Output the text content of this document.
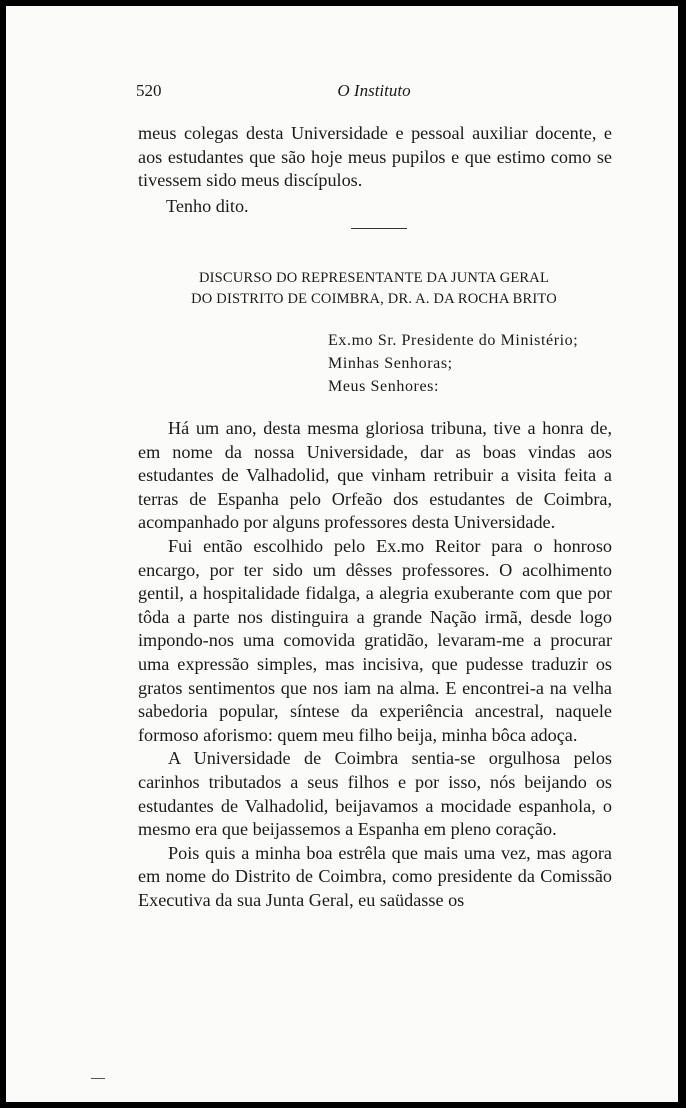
520	O Instituto

meus colegas desta Universidade e pessoal auxiliar docente, e aos estudantes que são hoje meus pupilos e que estimo como se tivessem sido meus discípulos.

Tenho dito.

DISCURSO DO REPRESENTANTE DA JUNTA GERAL
DO DISTRITO DE COIMBRA, DR. A. DA ROCHA BRITO
Ex.mo Sr. Presidente do Ministério;
Minhas Senhoras;
Meus Senhores:

Há um ano, desta mesma gloriosa tribuna, tive a honra de, em nome da nossa Universidade, dar as boas vindas aos estudantes de Valhadolid, que vinham retribuir a visita feita a terras de Espanha pelo Orfeão dos estudantes de Coimbra, acompanhado por alguns professores desta Universidade.

Fui então escolhido pelo Ex.mo Reitor para o honroso encargo, por ter sido um dêsses professores. O acolhimento gentil, a hospitalidade fidalga, a alegria exuberante com que por tôda a parte nos distinguira a grande Nação irmã, desde logo impondo-nos uma comovida gratidão, levaram-me a procurar uma expressão simples, mas incisiva, que pudesse traduzir os gratos sentimentos que nos iam na alma. E encontrei-a na velha sabedoria popular, síntese da experiência ancestral, naquele formoso aforismo: quem meu filho beija, minha bôca adoça.

A Universidade de Coimbra sentia-se orgulhosa pelos carinhos tributados a seus filhos e por isso, nós beijando os estudantes de Valhadolid, beijavamos a mocidade espanhola, o mesmo era que beijassemos a Espanha em pleno coração.

Pois quis a minha boa estrêla que mais uma vez, mas agora em nome do Distrito de Coimbra, como presidente da Comissão Executiva da sua Junta Geral, eu saüdasse os
